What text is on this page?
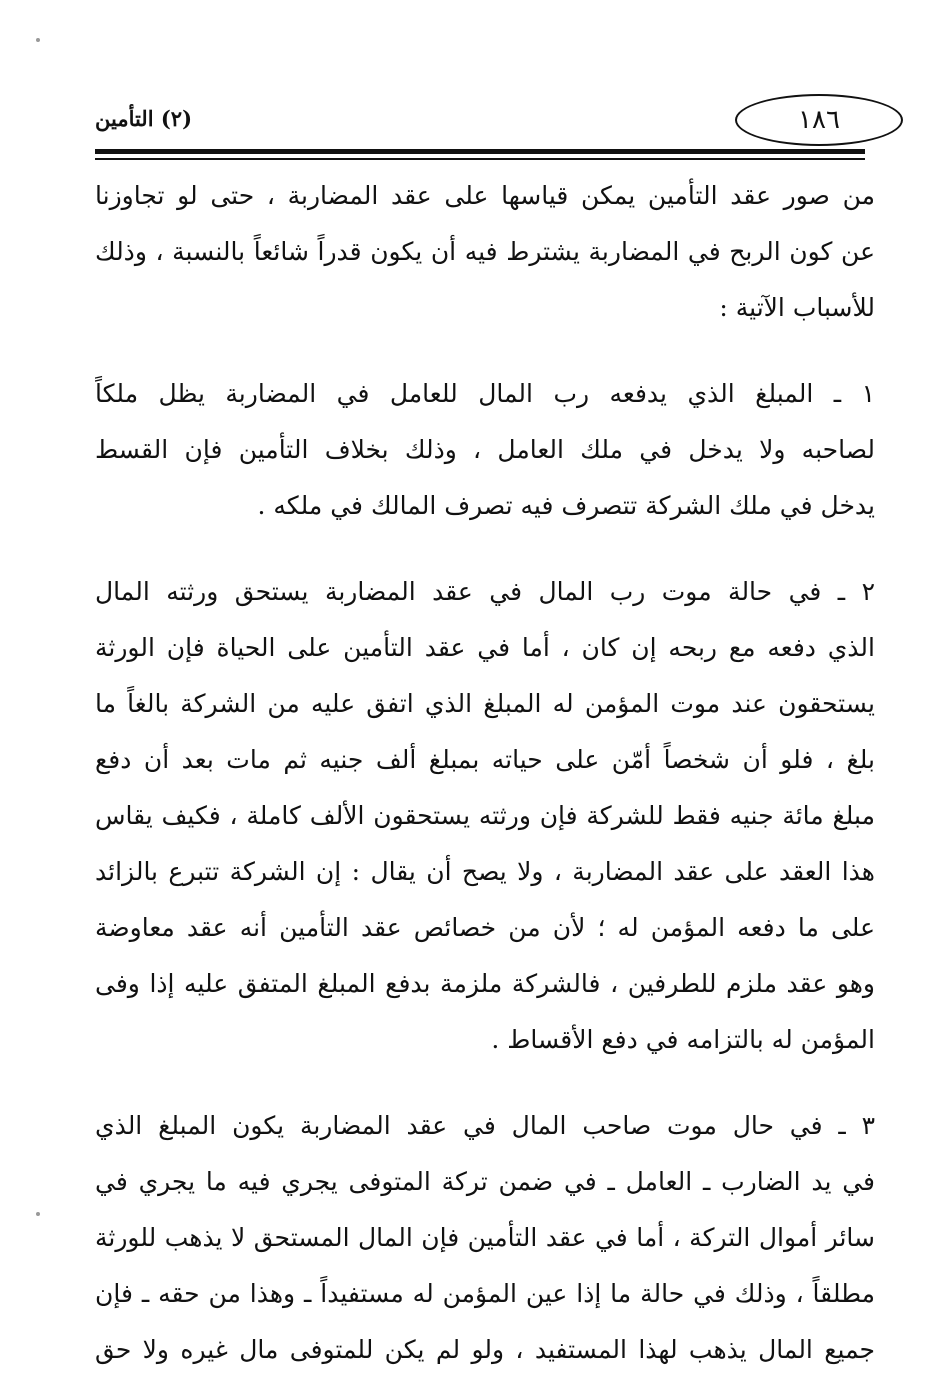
(٢) التأمين	١٨٦
من صور عقد التأمين يمكن قياسها على عقد المضاربة ، حتى لو تجاوزنا
عن كون الربح في المضاربة يشترط فيه أن يكون قدراً شائعاً بالنسبة ، وذلك
للأسباب الآتية :
١ ـ المبلغ الذي يدفعه رب المال للعامل في المضاربة يظل ملكاً
لصاحبه ولا يدخل في ملك العامل ، وذلك بخلاف التأمين فإن القسط
يدخل في ملك الشركة تتصرف فيه تصرف المالك في ملكه .
٢ ـ في حالة موت رب المال في عقد المضاربة يستحق ورثته المال
الذي دفعه مع ربحه إن كان ، أما في عقد التأمين على الحياة فإن الورثة
يستحقون عند موت المؤمن له المبلغ الذي اتفق عليه من الشركة بالغاً ما
بلغ ، فلو أن شخصاً أمّن على حياته بمبلغ ألف جنيه ثم مات بعد أن دفع
مبلغ مائة جنيه فقط للشركة فإن ورثته يستحقون الألف كاملة ، فكيف يقاس
هذا العقد على عقد المضاربة ، ولا يصح أن يقال : إن الشركة تتبرع بالزائد
على ما دفعه المؤمن له ؛ لأن من خصائص عقد التأمين أنه عقد معاوضة
وهو عقد ملزم للطرفين ، فالشركة ملزمة بدفع المبلغ المتفق عليه إذا وفى
المؤمن له بالتزامه في دفع الأقساط .
٣ ـ في حال موت صاحب المال في عقد المضاربة يكون المبلغ الذي
في يد الضارب ـ العامل ـ في ضمن تركة المتوفى يجري فيه ما يجري في
سائر أموال التركة ، أما في عقد التأمين فإن المال المستحق لا يذهب للورثة
مطلقاً ، وذلك في حالة ما إذا عين المؤمن له مستفيداً ـ وهذا من حقه ـ فإن
جميع المال يذهب لهذا المستفيد ، ولو لم يكن للمتوفى مال غيره ولا حق
